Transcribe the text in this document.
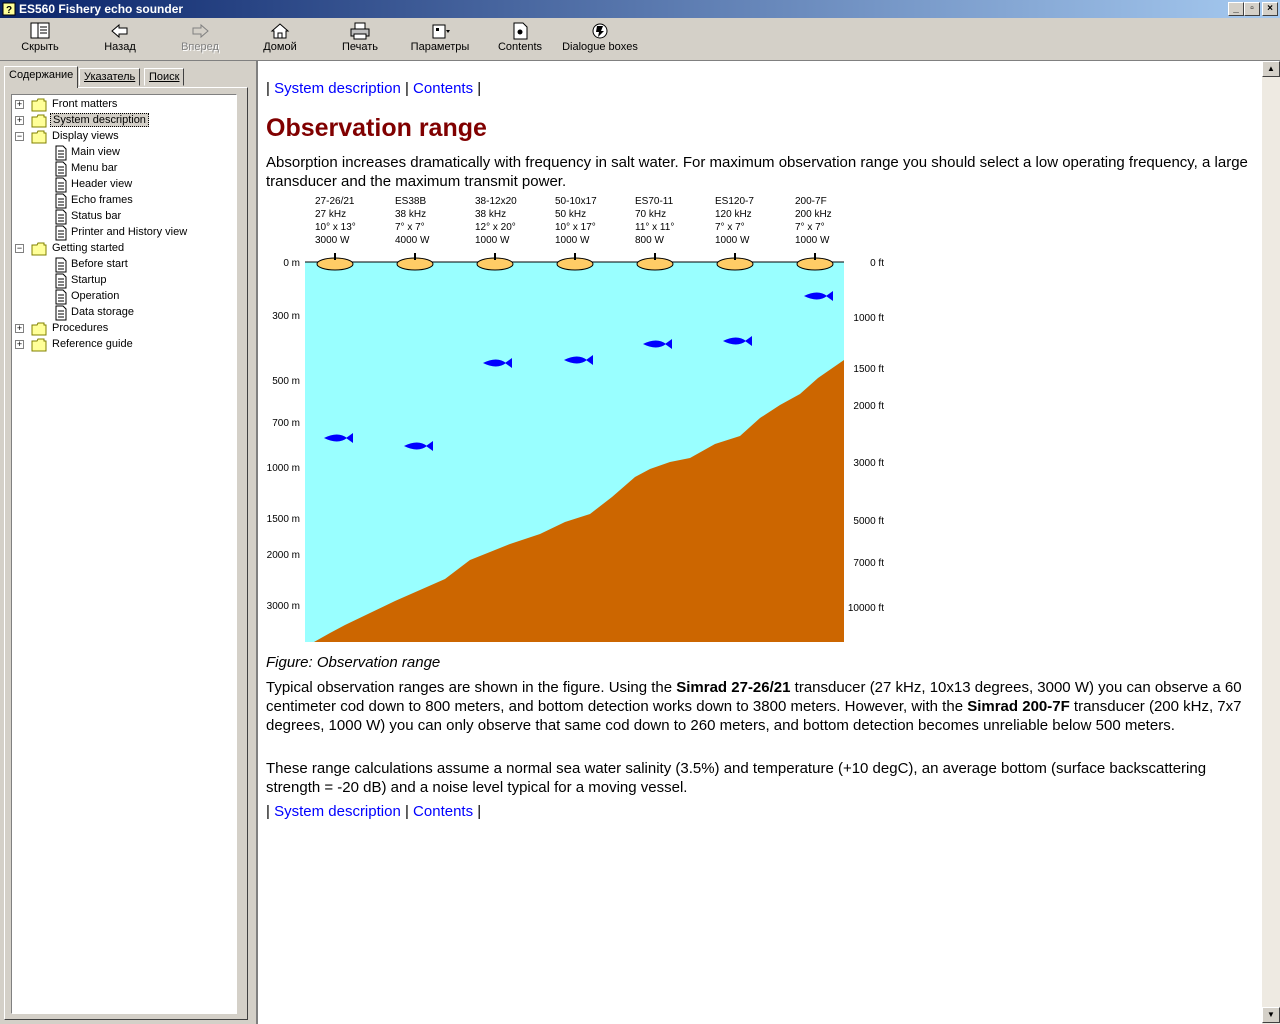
? ES560 Fishery echo sounder	_	▫	×
Скрыть	Назад	Вперед	Домой	Печать	Параметры	Contents	Dialogue boxes
Содержание Указатель	Поиск
+	Front matters
+	System description
−	Display views
Main view
Menu bar
Header view
Echo frames
Status bar
Printer and History view
−	Getting started
Before start
Startup
Operation
Data storage
+	Procedures
+	Reference guide
| System description | Contents |
Observation range
Absorption increases dramatically with frequency in salt water. For maximum observation range you should select a low operating frequency, a large transducer and the maximum transmit power.
Figure: Observation range
Typical observation ranges are shown in the figure. Using the Simrad 27-26/21 transducer (27 kHz, 10x13 degrees, 3000 W) you can observe a 60 centimeter cod down to 800 meters, and bottom detection works down to 3800 meters. However, with the Simrad 200-7F transducer (200 kHz, 7x7 degrees, 1000 W) you can only observe that same cod down to 260 meters, and bottom detection becomes unreliable below 500 meters.
These range calculations assume a normal sea water salinity (3.5%) and temperature (+10 degC), an average bottom (surface backscattering strength = -20 dB) and a noise level typical for a moving vessel.
| System description | Contents |
27-26/21
27 kHz
10° x 13°
3000 W
ES38B
38 kHz
7° x 7°
4000 W
38-12x20
38 kHz
12° x 20°
1000 W
50-10x17
50 kHz
10° x 17°
1000 W
ES70-11
70 kHz
11° x 11°
800 W
ES120-7
120 kHz
7° x 7°
1000 W
200-7F
200 kHz
7° x 7°
1000 W
0 m
300 m
500 m
700 m
1000 m
1500 m
2000 m
3000 m
0 ft
1000 ft
1500 ft
2000 ft
3000 ft
5000 ft
7000 ft
10000 ft
▲
▼
